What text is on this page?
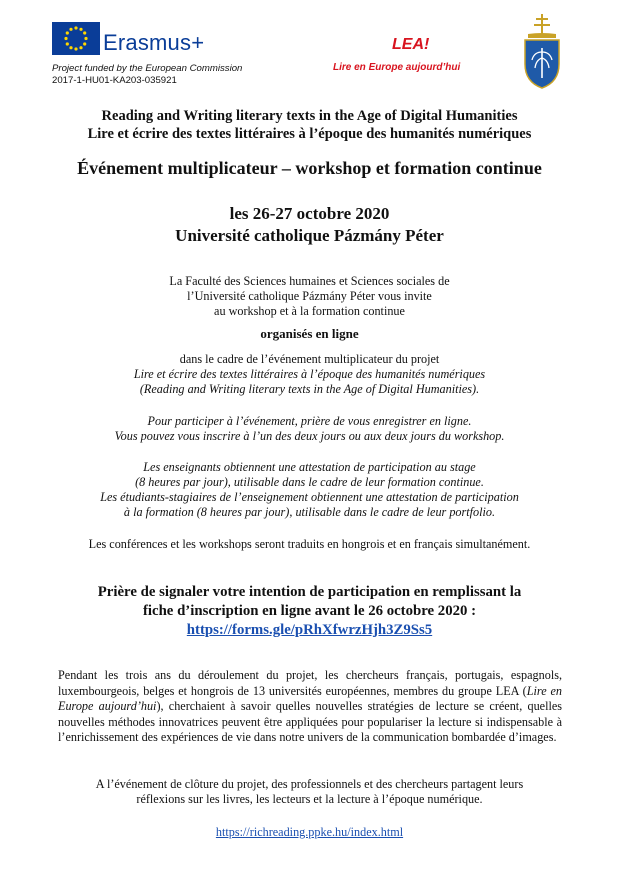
Erasmus+
Project funded by the European Commission
2017-1-HU01-KA203-035921
LEA!
Lire en Europe aujourd’hui
Reading and Writing literary texts in the Age of Digital Humanities
Lire et écrire des textes littéraires à l’époque des humanités numériques
Événement multiplicateur – workshop et formation continue
les 26-27 octobre 2020
Université catholique Pázmány Péter
La Faculté des Sciences humaines et Sciences sociales de
l’Université catholique Pázmány Péter vous invite
au workshop et à la formation continue
organisés en ligne
dans le cadre de l’événement multiplicateur du projet
Lire et écrire des textes littéraires à l’époque des humanités numériques
(Reading and Writing literary texts in the Age of Digital Humanities).
Pour participer à l’événement, prière de vous enregistrer en ligne.
Vous pouvez vous inscrire à l’un des deux jours ou aux deux jours du workshop.
Les enseignants obtiennent une attestation de participation au stage
(8 heures par jour), utilisable dans le cadre de leur formation continue.
Les étudiants-stagiaires de l’enseignement obtiennent une attestation de participation
à la formation (8 heures par jour), utilisable dans le cadre de leur portfolio.
Les conférences et les workshops seront traduits en hongrois et en français simultanément.
Prière de signaler votre intention de participation en remplissant la
fiche d’inscription en ligne avant le 26 octobre 2020 :
https://forms.gle/pRhXfwrzHjh3Z9Ss5
Pendant les trois ans du déroulement du projet, les chercheurs français, portugais, espagnols, luxembourgeois, belges et hongrois de 13 universités européennes, membres du groupe LEA (Lire en Europe aujourd’hui), cherchaient à savoir quelles nouvelles stratégies de lecture se créent, quelles nouvelles méthodes innovatrices peuvent être appliquées pour populariser la lecture si indispensable à l’enrichissement des expériences de vie dans notre univers de la communication bombardée d’images.
A l’événement de clôture du projet, des professionnels et des chercheurs partagent leurs
réflexions sur les livres, les lecteurs et la lecture à l’époque numérique.
https://richreading.ppke.hu/index.html
